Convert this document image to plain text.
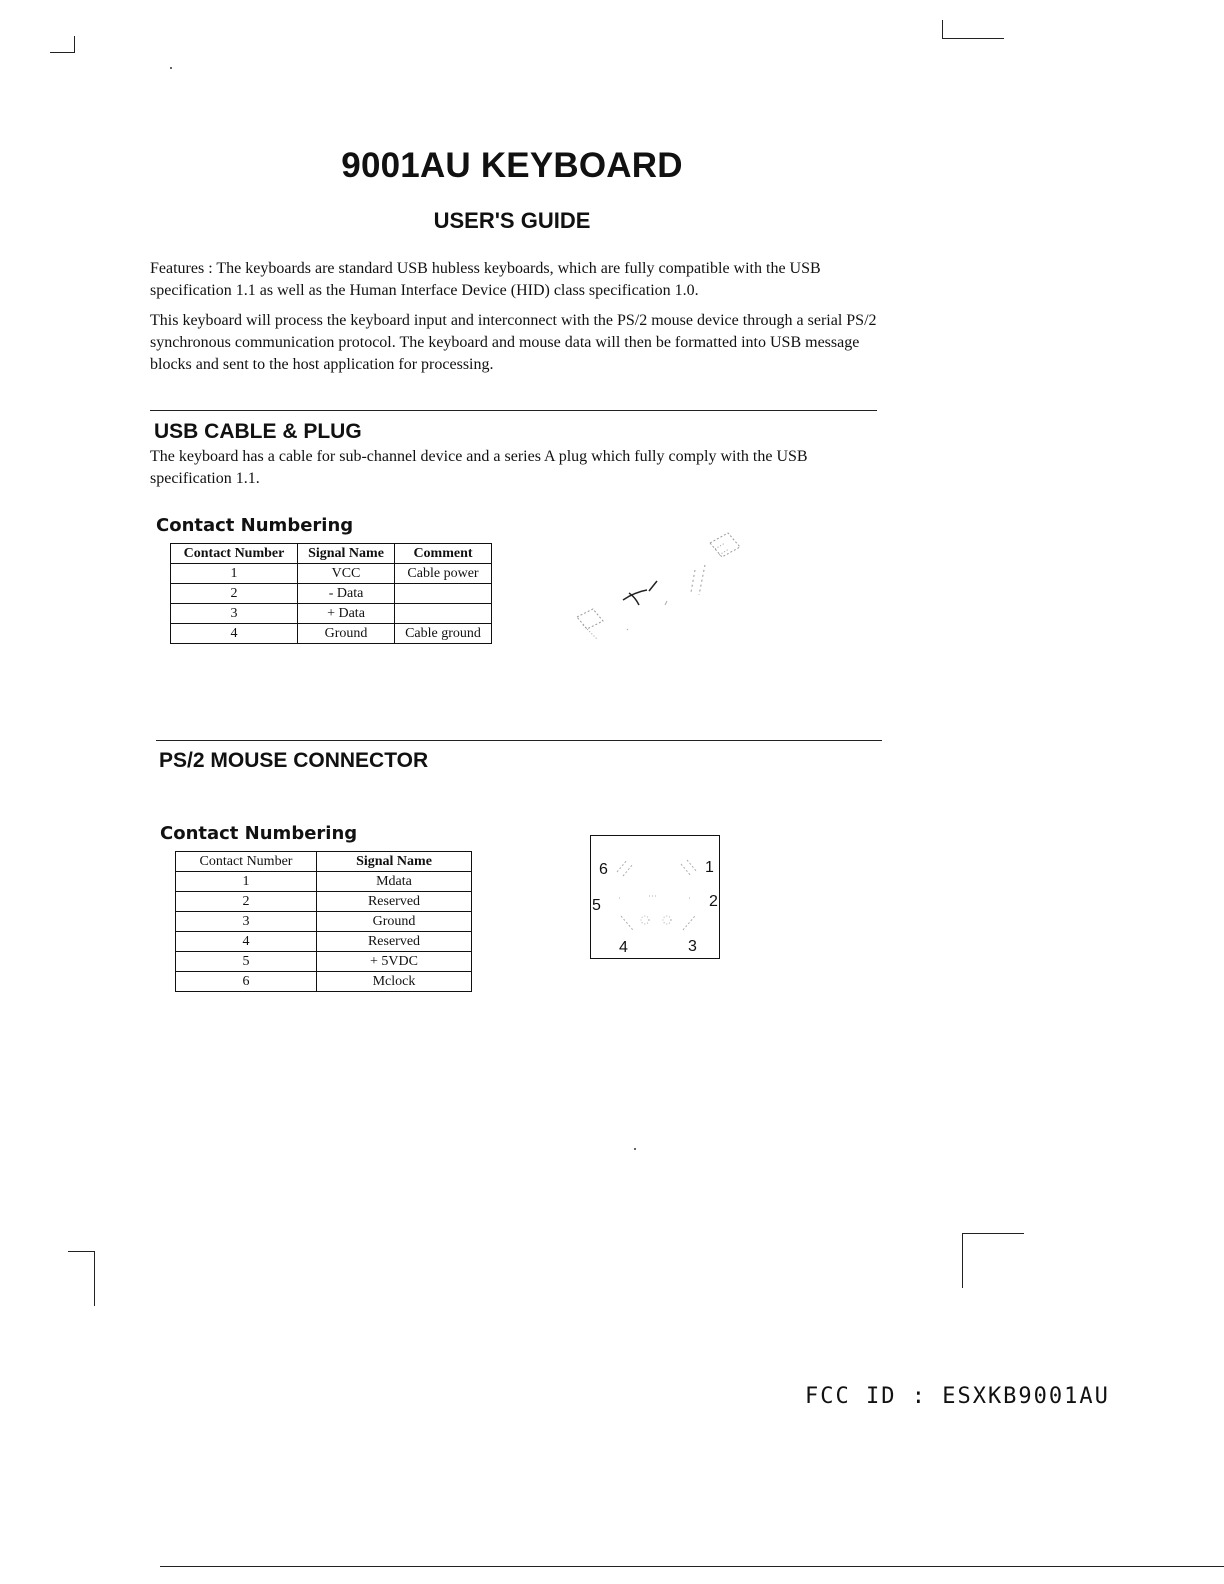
9001AU KEYBOARD
USER'S GUIDE

Features : The keyboards are standard USB hubless keyboards, which are fully compatible with the USB specification 1.1 as well as the Human Interface Device (HID) class specification 1.0.

This keyboard will process the keyboard input and interconnect with the PS/2 mouse device through a serial PS/2 synchronous communication protocol. The keyboard and mouse data will then be formatted into USB message blocks and sent to the host application for processing.

USB CABLE & PLUG

The keyboard has a cable for sub-channel device and a series A plug which fully comply with the USB specification 1.1.

Contact Numbering
Contact Number	Signal Name	Comment
1	VCC	Cable power
2	- Data	
3	+ Data	
4	Ground	Cable ground
PS/2 MOUSE CONNECTOR
Contact Numbering
Contact Number	Signal Name
1	Mdata
2	Reserved
3	Ground
4	Reserved
5	+ 5VDC
6	Mclock
6	1
5	2
4	3
FCC ID : ESXKB9001AU
